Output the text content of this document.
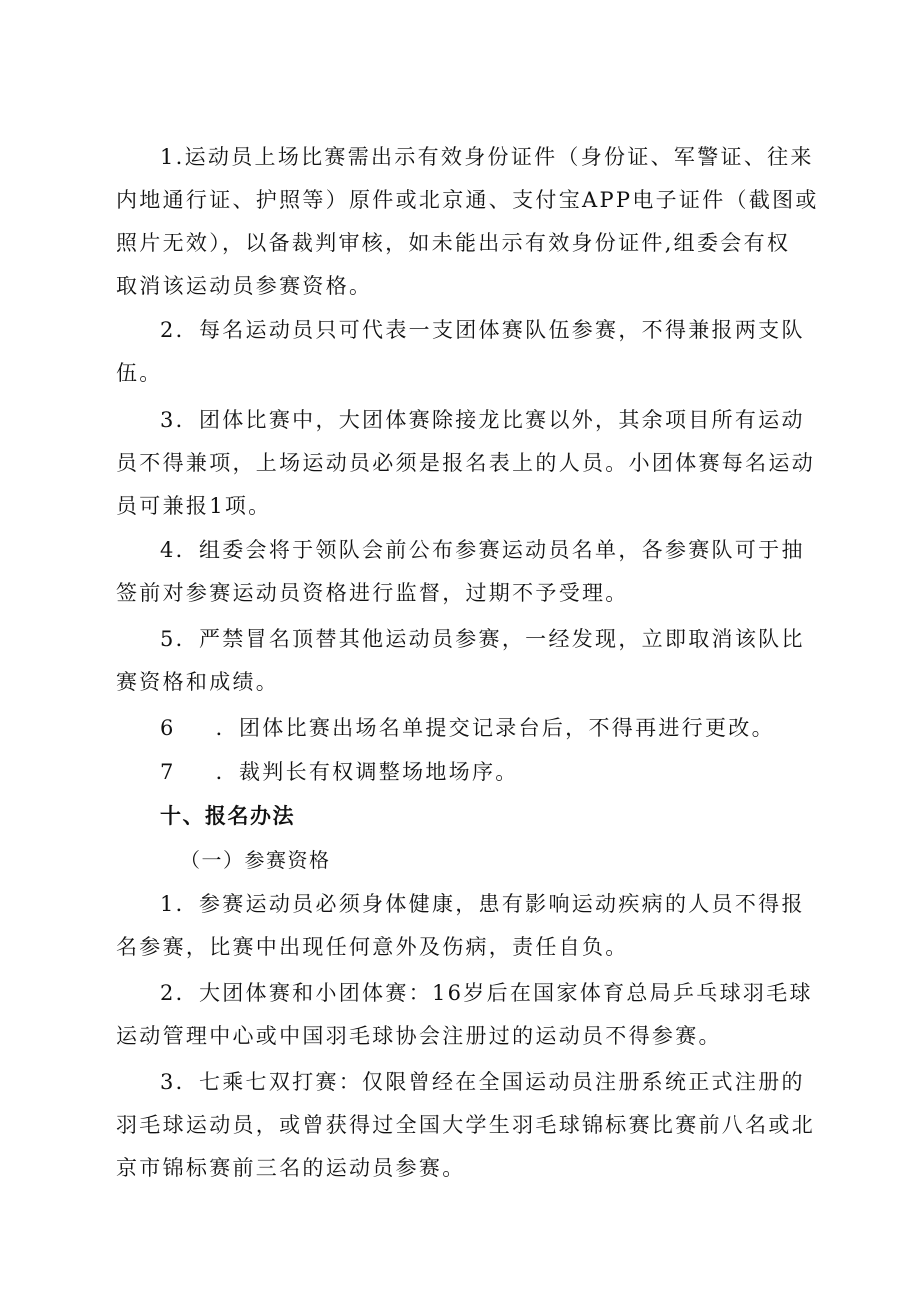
1.运动员上场比赛需出示有效身份证件（身份证、军警证、往来
内地通行证、护照等）原件或北京通、支付宝APP电子证件（截图或
照片无效），以备裁判审核，如未能出示有效身份证件,组委会有权
取消该运动员参赛资格。
2．每名运动员只可代表一支团体赛队伍参赛，不得兼报两支队
伍。
3．团体比赛中，大团体赛除接龙比赛以外，其余项目所有运动
员不得兼项，上场运动员必须是报名表上的人员。小团体赛每名运动
员可兼报1项。
4．组委会将于领队会前公布参赛运动员名单，各参赛队可于抽
签前对参赛运动员资格进行监督，过期不予受理。
5．严禁冒名顶替其他运动员参赛，一经发现，立即取消该队比
赛资格和成绩。
6 ．团体比赛出场名单提交记录台后，不得再进行更改。
7 ．裁判长有权调整场地场序。
十、报名办法
（一）参赛资格
1．参赛运动员必须身体健康，患有影响运动疾病的人员不得报
名参赛，比赛中出现任何意外及伤病，责任自负。
2．大团体赛和小团体赛：16岁后在国家体育总局乒乓球羽毛球
运动管理中心或中国羽毛球协会注册过的运动员不得参赛。
3．七乘七双打赛：仅限曾经在全国运动员注册系统正式注册的
羽毛球运动员，或曾获得过全国大学生羽毛球锦标赛比赛前八名或北
京市锦标赛前三名的运动员参赛。
